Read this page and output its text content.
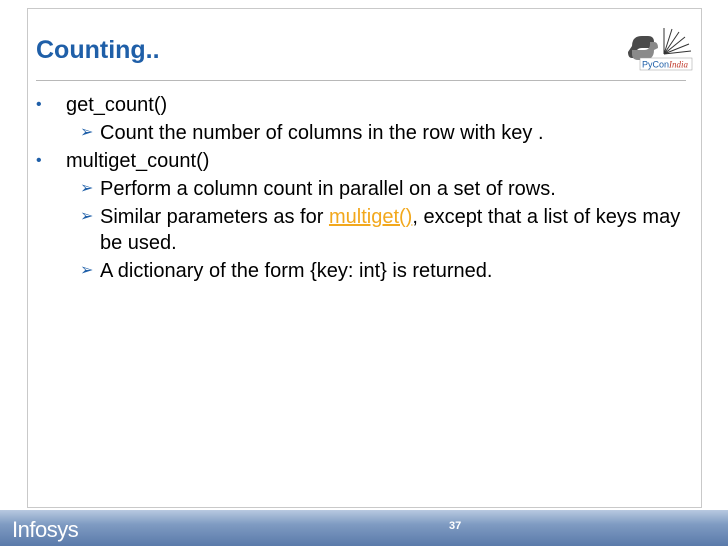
Counting..
PyCon India
• get_count()
➢ Count the number of columns in the row with key .
• multiget_count()
➢ Perform a column count in parallel on a set of rows.
➢ Similar parameters as for multiget(), except that a list of keys may be used.
➢ A dictionary of the form {key: int} is returned.
Infosys	37
